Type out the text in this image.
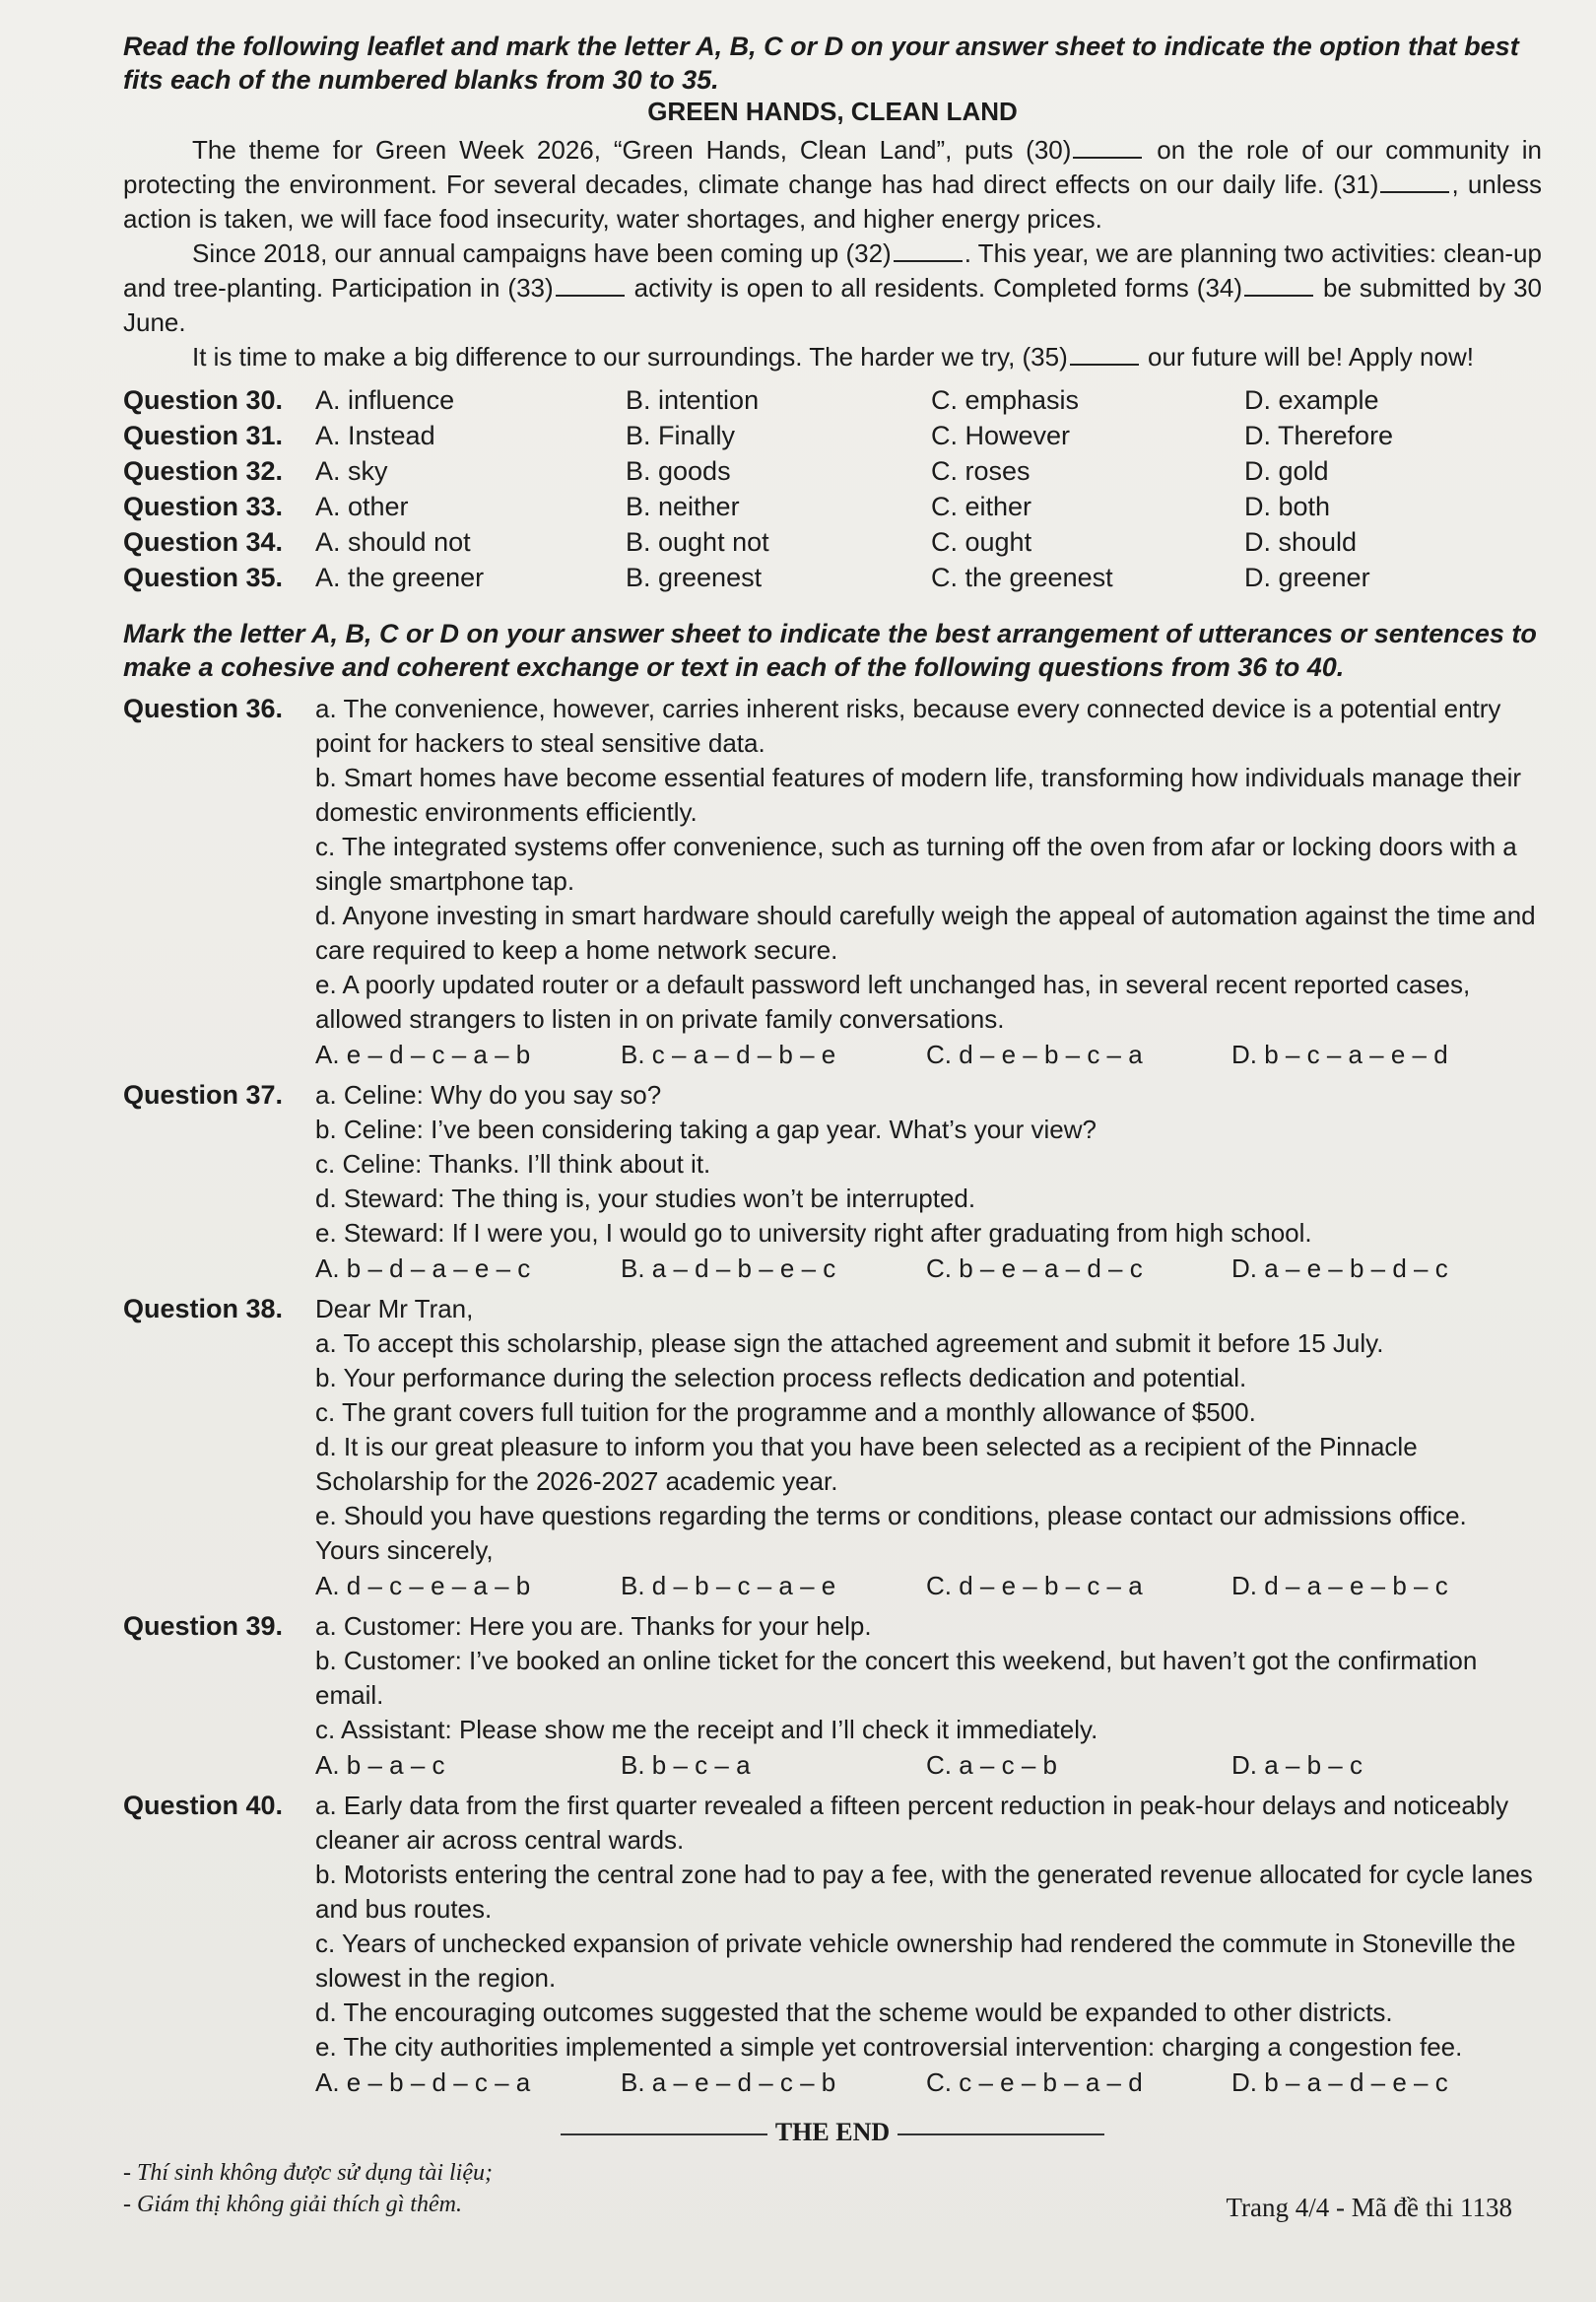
Read the following leaflet and mark the letter A, B, C or D on your answer sheet to indicate the option that best fits each of the numbered blanks from 30 to 35.

GREEN HANDS, CLEAN LAND

The theme for Green Week 2026, “Green Hands, Clean Land”, puts (30)	on the role of our community in protecting the environment. For several decades, climate change has had direct effects on our daily life. (31)	, unless action is taken, we will face food insecurity, water shortages, and higher energy prices.

Since 2018, our annual campaigns have been coming up (32)	. This year, we are planning two activities: clean-up and tree-planting. Participation in (33)	activity is open to all residents. Completed forms (34)	be submitted by 30 June.

It is time to make a big difference to our surroundings. The harder we try, (35)	our future will be! Apply now!

Question 30.	A. influence	B. intention	C. emphasis	D. example
Question 31.	A. Instead	B. Finally	C. However	D. Therefore
Question 32.	A. sky	B. goods	C. roses	D. gold
Question 33.	A. other	B. neither	C. either	D. both
Question 34.	A. should not	B. ought not	C. ought	D. should
Question 35.	A. the greener	B. greenest	C. the greenest	D. greener

Mark the letter A, B, C or D on your answer sheet to indicate the best arrangement of utterances or sentences to make a cohesive and coherent exchange or text in each of the following questions from 36 to 40.

Question 36.	a. The convenience, however, carries inherent risks, because every connected device is a potential entry point for hackers to steal sensitive data.

b. Smart homes have become essential features of modern life, transforming how individuals manage their domestic environments efficiently.

c. The integrated systems offer convenience, such as turning off the oven from afar or locking doors with a single smartphone tap.

d. Anyone investing in smart hardware should carefully weigh the appeal of automation against the time and care required to keep a home network secure.

e. A poorly updated router or a default password left unchanged has, in several recent reported cases, allowed strangers to listen in on private family conversations.

A. e – d – c – a – b	B. c – a – d – b – e	C. d – e – b – c – a	D. b – c – a – e – d
Question 37.	a. Celine: Why do you say so?

b. Celine: I’ve been considering taking a gap year. What’s your view?

c. Celine: Thanks. I’ll think about it.

d. Steward: The thing is, your studies won’t be interrupted.

e. Steward: If I were you, I would go to university right after graduating from high school.

A. b – d – a – e – c	B. a – d – b – e – c	C. b – e – a – d – c	D. a – e – b – d – c
Question 38.	Dear Mr Tran,

a. To accept this scholarship, please sign the attached agreement and submit it before 15 July.

b. Your performance during the selection process reflects dedication and potential.

c. The grant covers full tuition for the programme and a monthly allowance of $500.

d. It is our great pleasure to inform you that you have been selected as a recipient of the Pinnacle Scholarship for the 2026-2027 academic year.

e. Should you have questions regarding the terms or conditions, please contact our admissions office.

Yours sincerely,

A. d – c – e – a – b	B. d – b – c – a – e	C. d – e – b – c – a	D. d – a – e – b – c
Question 39.	a. Customer: Here you are. Thanks for your help.

b. Customer: I’ve booked an online ticket for the concert this weekend, but haven’t got the confirmation email.

c. Assistant: Please show me the receipt and I’ll check it immediately.

A. b – a – c	B. b – c – a	C. a – c – b	D. a – b – c
Question 40.	a. Early data from the first quarter revealed a fifteen percent reduction in peak-hour delays and noticeably cleaner air across central wards.

b. Motorists entering the central zone had to pay a fee, with the generated revenue allocated for cycle lanes and bus routes.

c. Years of unchecked expansion of private vehicle ownership had rendered the commute in Stoneville the slowest in the region.

d. The encouraging outcomes suggested that the scheme would be expanded to other districts.

e. The city authorities implemented a simple yet controversial intervention: charging a congestion fee.

A. e – b – d – c – a	B. a – e – d – c – b	C. c – e – b – a – d	D. b – a – d – e – c
THE END
- Thí sinh không được sử dụng tài liệu;
- Giám thị không giải thích gì thêm.	Trang 4/4 - Mã đề thi 1138
